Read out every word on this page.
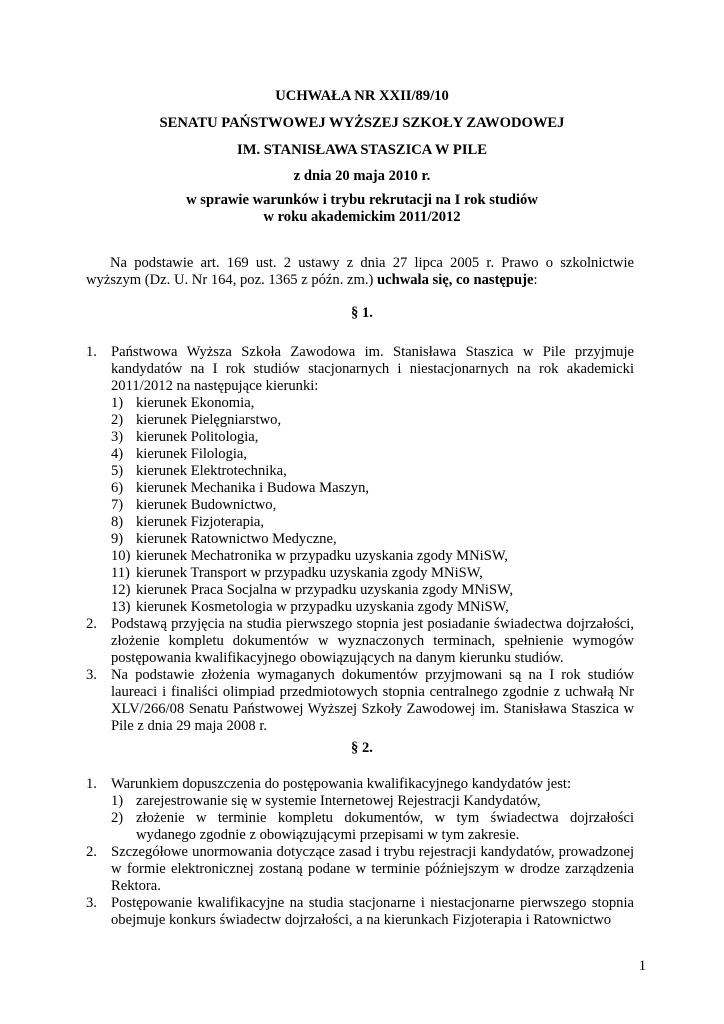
UCHWAŁA NR XXII/89/10
SENATU PAŃSTWOWEJ WYŻSZEJ SZKOŁY ZAWODOWEJ
IM. STANISŁAWA STASZICA W PILE
z dnia 20 maja 2010 r.
w sprawie warunków i trybu rekrutacji na I rok studiów
w roku akademickim 2011/2012

Na podstawie art. 169 ust. 2 ustawy z dnia 27 lipca 2005 r. Prawo o szkolnictwie wyższym (Dz. U. Nr 164, poz. 1365 z późn. zm.) uchwala się, co następuje:

§ 1.
1. Państwowa Wyższa Szkoła Zawodowa im. Stanisława Staszica w Pile przyjmuje kandydatów na I rok studiów stacjonarnych i niestacjonarnych na rok akademicki 2011/2012 na następujące kierunki:
1) kierunek Ekonomia,
2) kierunek Pielęgniarstwo,
3) kierunek Politologia,
4) kierunek Filologia,
5) kierunek Elektrotechnika,
6) kierunek Mechanika i Budowa Maszyn,
7) kierunek Budownictwo,
8) kierunek Fizjoterapia,
9) kierunek Ratownictwo Medyczne,
10) kierunek Mechatronika w przypadku uzyskania zgody MNiSW,
11) kierunek Transport w przypadku uzyskania zgody MNiSW,
12) kierunek Praca Socjalna w przypadku uzyskania zgody MNiSW,
13) kierunek Kosmetologia w przypadku uzyskania zgody MNiSW,
2. Podstawą przyjęcia na studia pierwszego stopnia jest posiadanie świadectwa dojrzałości, złożenie kompletu dokumentów w wyznaczonych terminach, spełnienie wymogów postępowania kwalifikacyjnego obowiązujących na danym kierunku studiów.
3. Na podstawie złożenia wymaganych dokumentów przyjmowani są na I rok studiów laureaci i finaliści olimpiad przedmiotowych stopnia centralnego zgodnie z uchwałą Nr XLV/266/08 Senatu Państwowej Wyższej Szkoły Zawodowej im. Stanisława Staszica w Pile z dnia 29 maja 2008 r.
§ 2.
1. Warunkiem dopuszczenia do postępowania kwalifikacyjnego kandydatów jest:
1) zarejestrowanie się w systemie Internetowej Rejestracji Kandydatów,
2) złożenie w terminie kompletu dokumentów, w tym świadectwa dojrzałości wydanego zgodnie z obowiązującymi przepisami w tym zakresie.
2. Szczegółowe unormowania dotyczące zasad i trybu rejestracji kandydatów, prowadzonej w formie elektronicznej zostaną podane w terminie późniejszym w drodze zarządzenia Rektora.
3. Postępowanie kwalifikacyjne na studia stacjonarne i niestacjonarne pierwszego stopnia obejmuje konkurs świadectw dojrzałości, a na kierunkach Fizjoterapia i Ratownictwo
1
